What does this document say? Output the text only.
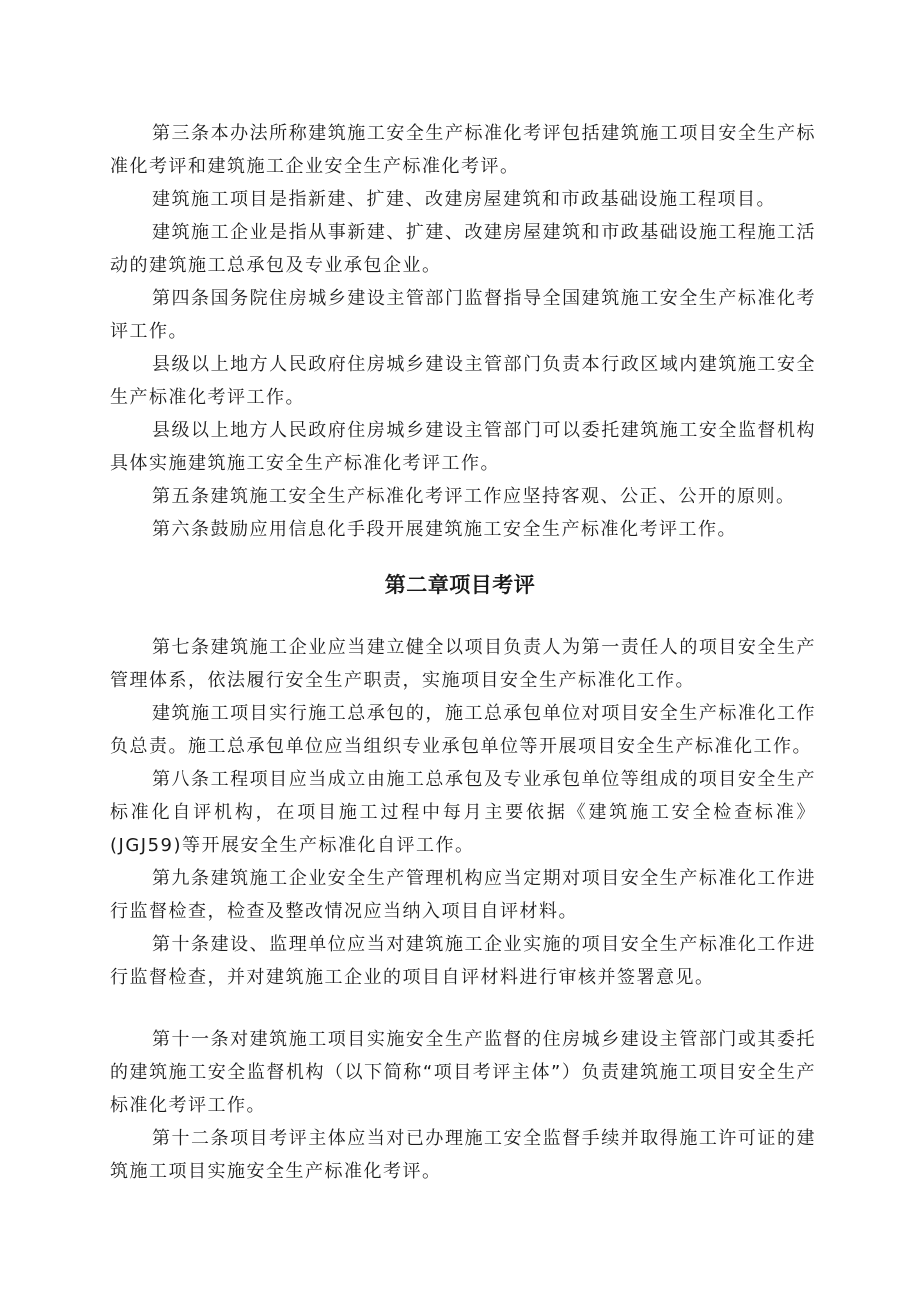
第三条本办法所称建筑施工安全生产标准化考评包括建筑施工项目安全生产标准化考评和建筑施工企业安全生产标准化考评。

建筑施工项目是指新建、扩建、改建房屋建筑和市政基础设施工程项目。

建筑施工企业是指从事新建、扩建、改建房屋建筑和市政基础设施工程施工活动的建筑施工总承包及专业承包企业。

第四条国务院住房城乡建设主管部门监督指导全国建筑施工安全生产标准化考评工作。

县级以上地方人民政府住房城乡建设主管部门负责本行政区域内建筑施工安全生产标准化考评工作。

县级以上地方人民政府住房城乡建设主管部门可以委托建筑施工安全监督机构具体实施建筑施工安全生产标准化考评工作。

第五条建筑施工安全生产标准化考评工作应坚持客观、公正、公开的原则。

第六条鼓励应用信息化手段开展建筑施工安全生产标准化考评工作。

第二章项目考评

第七条建筑施工企业应当建立健全以项目负责人为第一责任人的项目安全生产管理体系，依法履行安全生产职责，实施项目安全生产标准化工作。

建筑施工项目实行施工总承包的，施工总承包单位对项目安全生产标准化工作负总责。施工总承包单位应当组织专业承包单位等开展项目安全生产标准化工作。

第八条工程项目应当成立由施工总承包及专业承包单位等组成的项目安全生产标准化自评机构，在项目施工过程中每月主要依据《建筑施工安全检查标准》(JGJ59)等开展安全生产标准化自评工作。

第九条建筑施工企业安全生产管理机构应当定期对项目安全生产标准化工作进行监督检查，检查及整改情况应当纳入项目自评材料。

第十条建设、监理单位应当对建筑施工企业实施的项目安全生产标准化工作进行监督检查，并对建筑施工企业的项目自评材料进行审核并签署意见。

第十一条对建筑施工项目实施安全生产监督的住房城乡建设主管部门或其委托的建筑施工安全监督机构（以下简称“项目考评主体”）负责建筑施工项目安全生产标准化考评工作。

第十二条项目考评主体应当对已办理施工安全监督手续并取得施工许可证的建筑施工项目实施安全生产标准化考评。
